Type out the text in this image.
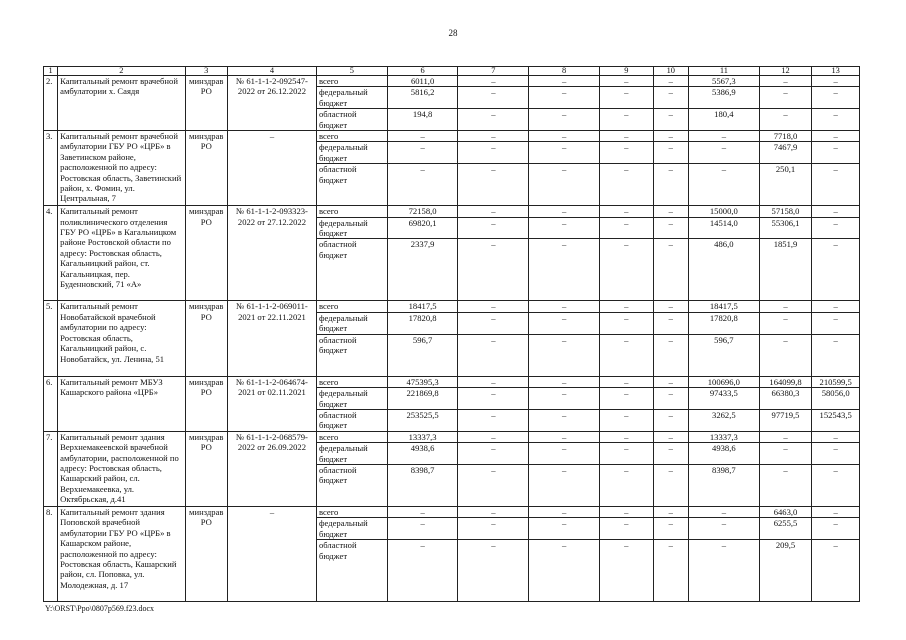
28
1	2	3	4	5	6	7	8	9	10	11	12	13
2.	Капитальный ремонт врачебной амбулатории х. Саядя	минздрав РО	№ 61-1-1-2-092547-2022 от 26.12.2022	всего	6011,0	–	–	–	–	5567,3	–	–
				федеральный бюджет	5816,2	–	–	–	–	5386,9	–	–
				областной бюджет	194,8	–	–	–	–	180,4	–	–
3.	Капитальный ремонт врачебной амбулатории ГБУ РО «ЦРБ» в Заветинском районе, расположенной по адресу: Ростовская область, Заветинский район, х. Фомин, ул. Центральная, 7	минздрав РО	–	всего	–	–	–	–	–	–	7718,0	–
				федеральный бюджет	–	–	–	–	–	–	7467,9	–
				областной бюджет	–	–	–	–	–	–	250,1	–
4.	Капитальный ремонт поликлинического отделения ГБУ РО «ЦРБ» в Кагальницком районе Ростовской области по адресу: Ростовская область, Кагальницкий район, ст. Кагальницкая, пер. Буденновский, 71 «А»	минздрав РО	№ 61-1-1-2-093323-2022 от 27.12.2022	всего	72158,0	–	–	–	–	15000,0	57158,0	–
				федеральный бюджет	69820,1	–	–	–	–	14514,0	55306,1	–
				областной бюджет	2337,9	–	–	–	–	486,0	1851,9	–
5.	Капитальный ремонт Новобатайской врачебной амбулатории по адресу: Ростовская область, Кагальницкий район, с. Новобатайск, ул. Ленина, 51	минздрав РО	№ 61-1-1-2-069011-2021 от 22.11.2021	всего	18417,5	–	–	–	–	18417,5	–	–
				федеральный бюджет	17820,8	–	–	–	–	17820,8	–	–
				областной бюджет	596,7	–	–	–	–	596,7	–	–
6.	Капитальный ремонт МБУЗ Кашарского района «ЦРБ»	минздрав РО	№ 61-1-1-2-064674-2021 от 02.11.2021	всего	475395,3	–	–	–	–	100696,0	164099,8	210599,5
				федеральный бюджет	221869,8	–	–	–	–	97433,5	66380,3	58056,0
				областной бюджет	253525,5	–	–	–	–	3262,5	97719,5	152543,5
7.	Капитальный ремонт здания Верхнемакеевской врачебной амбулатории, расположенной по адресу: Ростовская область, Кашарский район, сл. Верхнемакеевка, ул. Октябрьская, д.41	минздрав РО	№ 61-1-1-2-068579-2022 от 26.09.2022	всего	13337,3	–	–	–	–	13337,3	–	–
				федеральный бюджет	4938,6	–	–	–	–	4938,6	–	–
				областной бюджет	8398,7	–	–	–	–	8398,7	–	–
8.	Капитальный ремонт здания Поповской врачебной амбулатории ГБУ РО «ЦРБ» в Кашарском районе, расположенной по адресу: Ростовская область, Кашарский район, сл. Поповка, ул. Молодежная, д. 17	минздрав РО	–	всего	–	–	–	–	–	–	6463,0	–
				федеральный бюджет	–	–	–	–	–	–	6255,5	–
				областной бюджет	–	–	–	–	–	–	209,5	–
Y:\ORST\Ppo\0807p569.f23.docx
